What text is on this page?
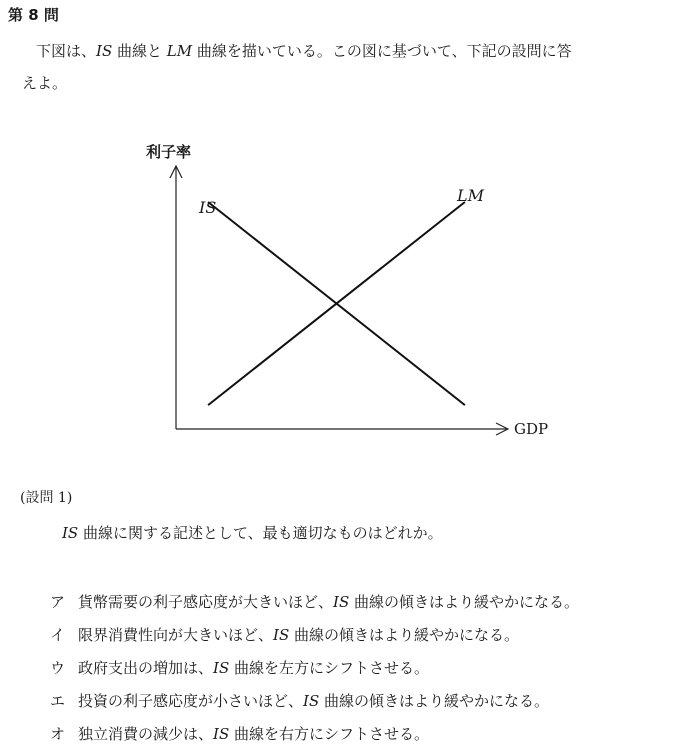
第 8 問
下図は、IS 曲線と LM 曲線を描いている。この図に基づいて、下記の設問に答
えよ。
利子率
GDP
IS
LM
(設問 1)
IS 曲線に関する記述として、最も適切なものはどれか。
ア 貨幣需要の利子感応度が大きいほど、IS 曲線の傾きはより緩やかになる。
イ 限界消費性向が大きいほど、IS 曲線の傾きはより緩やかになる。
ウ 政府支出の増加は、IS 曲線を左方にシフトさせる。
エ 投資の利子感応度が小さいほど、IS 曲線の傾きはより緩やかになる。
オ 独立消費の減少は、IS 曲線を右方にシフトさせる。
